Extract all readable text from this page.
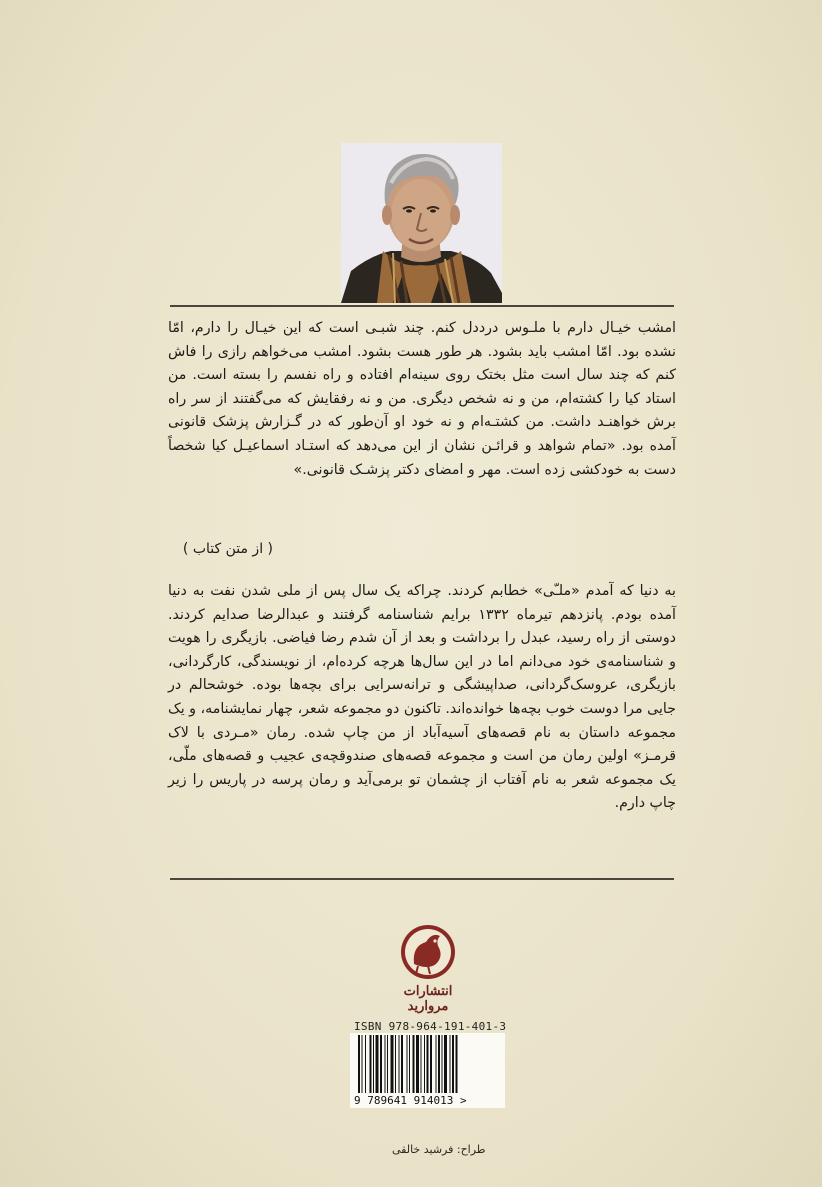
امشب خیـال دارم با ملـوس درددل کنم. چند شبـی است که این خیـال را دارم، امّا نشده بود. امّا امشب باید بشود. هر طور هست بشود. امشب می‌خواهم رازی را فاش کنم که چند سال است مثل بختک روی سینه‌ام افتاده و راه نفسم را بسته است. من استاد کیا را کشته‌ام، من و نه شخص دیگری. من و نه رفقایش که می‌گفتند از سر راه برش خواهنـد داشت. من کشتـه‌ام و نه خود او آن‌طور که در گـزارش پزشک قانونی آمده بود. «تمام شواهد و قرائـن نشان از این می‌دهد که استـاد اسماعیـل کیا شخصاً دست به خودکشی زده است. مهر و امضای دکتر پزشـک قانونی.»

( از متن کتاب )

به دنیا که آمدم «ملـّی» خطابم کردند. چراکه یک سال پس از ملی شدن نفت به دنیا آمده بودم. پانزدهم تیرماه ۱۳۳۲ برایم شناسنامه گرفتند و عبدالرضا صدایم کردند. دوستی از راه رسید، عبدل را برداشت و بعد از آن شدم رضا فیاضی. بازیگری را هویت و شناسنامه‌ی خود می‌دانم اما در این سال‌ها هرچه کرده‌ام، از نویسندگی، کارگردانی، بازیگری، عروسک‌گردانی، صداپیشگی و ترانه‌سرایی برای بچه‌ها بوده. خوشحالم در جایی مرا دوست خوب بچه‌ها خوانده‌اند. تاکنون دو مجموعه شعر، چهار نمایشنامه، و یک مجموعه داستان به نام قصه‌های آسیه‌آباد از من چاپ شده. رمان «مـردی با لاک قرمـز» اولین رمان من است و مجموعه قصه‌های صندوقچه‌ی عجیب و قصه‌های ملّی، یک مجموعه شعر به نام آفتاب از چشمان تو برمی‌آید و رمان پرسه در پاریس را زیر چاپ دارم.

انتشارات مروارید
ISBN 978-964-191-401-3
9 789641 914013 >
طراح: فرشید خالقی
